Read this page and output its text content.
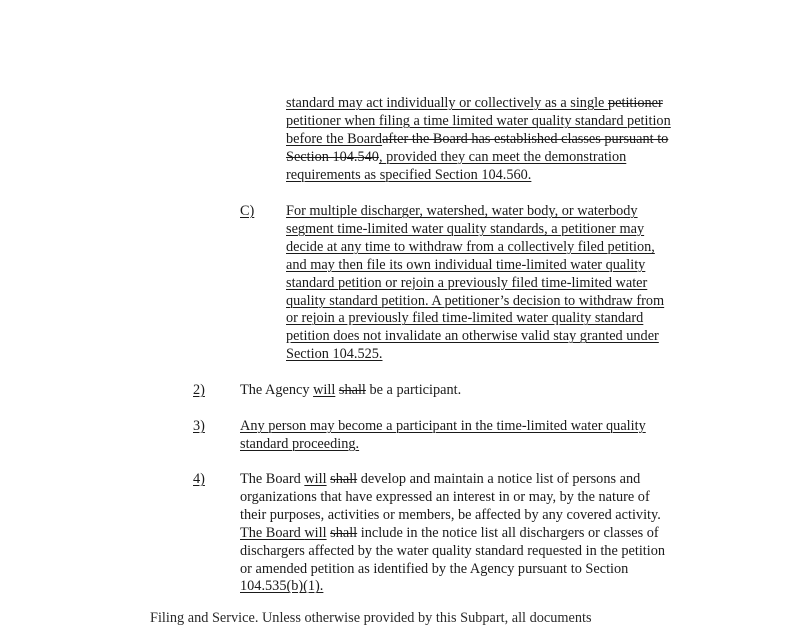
standard may act individually or collectively as a single petitioner
petitioner when filing a time limited water quality standard petition
before the Boardafter the Board has established classes pursuant to
Section 104.540, provided they can meet the demonstration
requirements as specified Section 104.560.
C) For multiple discharger, watershed, water body, or waterbody
segment time-limited water quality standards, a petitioner may
decide at any time to withdraw from a collectively filed petition,
and may then file its own individual time-limited water quality
standard petition or rejoin a previously filed time-limited water
quality standard petition. A petitioner’s decision to withdraw from
or rejoin a previously filed time-limited water quality standard
petition does not invalidate an otherwise valid stay granted under
Section 104.525.
2) The Agency will shall be a participant.
3) Any person may become a participant in the time-limited water quality
standard proceeding.
4) The Board will shall develop and maintain a notice list of persons and
organizations that have expressed an interest in or may, by the nature of
their purposes, activities or members, be affected by any covered activity.
The Board will shall include in the notice list all dischargers or classes of
dischargers affected by the water quality standard requested in the petition
or amended petition as identified by the Agency pursuant to Section
104.535(b)(1).
Filing and Service. Unless otherwise provided by this Subpart, all documents
